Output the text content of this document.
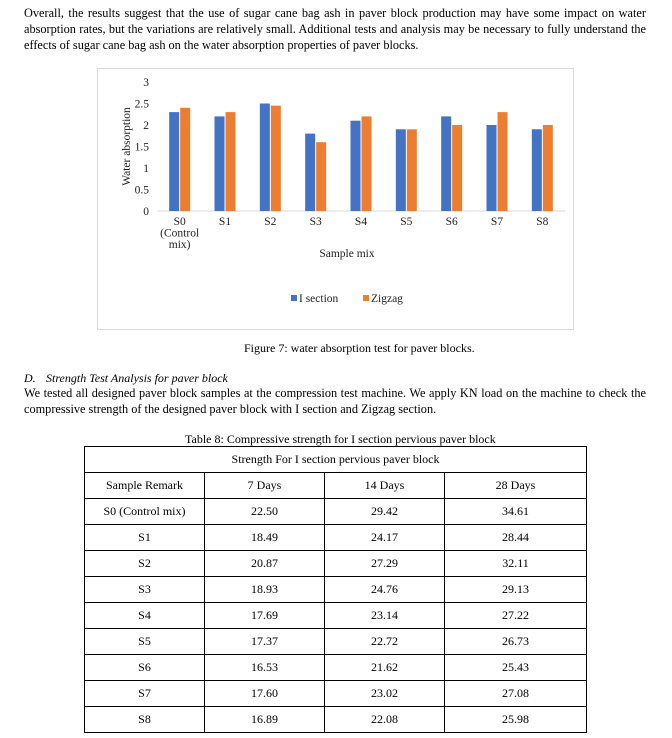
Overall, the results suggest that the use of sugar cane bag ash in paver block production may have some impact on water absorption rates, but the variations are relatively small. Additional tests and analysis may be necessary to fully understand the effects of sugar cane bag ash on the water absorption properties of paver blocks.

0
0.5
1
1.5
2
2.5
3
S0
(Control
mix)
S1	S2	S3	S4	S5	S6	S7	S8
Water absorption
Sample mix
I section	Zigzag
Figure 7: water absorption test for paver blocks.
D. Strength Test Analysis for paver block

We tested all designed paver block samples at the compression test machine. We apply KN load on the machine to check the compressive strength of the designed paver block with I section and Zigzag section.

Table 8: Compressive strength for I section pervious paver block
Strength For I section pervious paver block			
Sample Remark	7 Days	14 Days	28 Days
S0 (Control mix)	22.50	29.42	34.61
S1	18.49	24.17	28.44
S2	20.87	27.29	32.11
S3	18.93	24.76	29.13
S4	17.69	23.14	27.22
S5	17.37	22.72	26.73
S6	16.53	21.62	25.43
S7	17.60	23.02	27.08
S8	16.89	22.08	25.98
